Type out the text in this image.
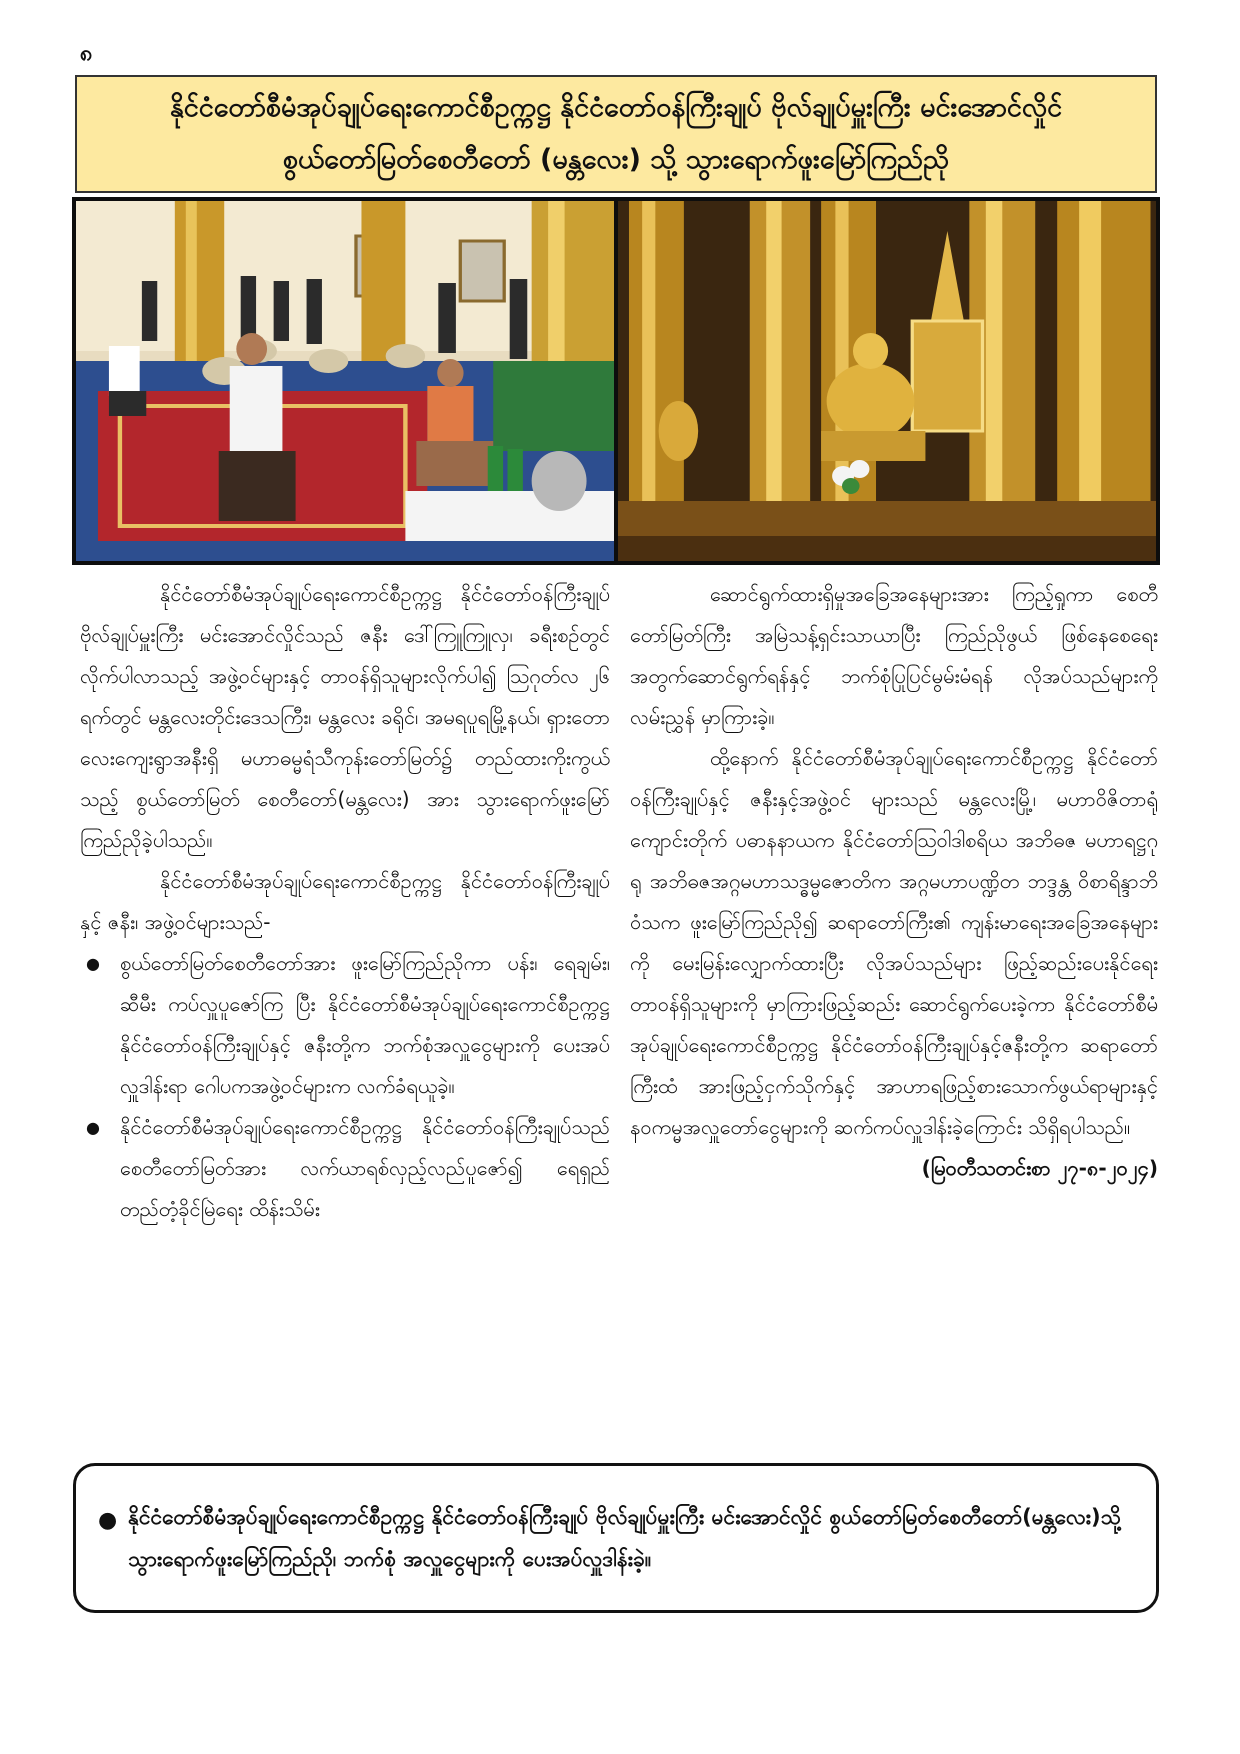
၈
နိုင်ငံတော်စီမံအုပ်ချုပ်ရေးကောင်စီဥက္ကဋ္ဌ နိုင်ငံတော်ဝန်ကြီးချုပ် ဗိုလ်ချုပ်မှူးကြီး မင်းအောင်လှိုင်
စွယ်တော်မြတ်စေတီတော် (မန္တလေး) သို့ သွားရောက်ဖူးမြော်ကြည်ညို

နိုင်ငံတော်စီမံအုပ်ချုပ်ရေးကောင်စီဥက္ကဋ္ဌ နိုင်ငံတော်ဝန်ကြီးချုပ် ဗိုလ်ချုပ်မှူးကြီး မင်းအောင်လှိုင်သည် ဇနီး ဒေါ်ကြူကြူလှ၊ ခရီးစဉ်တွင် လိုက်ပါလာသည့် အဖွဲ့ဝင်များနှင့် တာဝန်ရှိသူများလိုက်ပါ၍ ဩဂုတ်လ ၂၆ ရက်တွင် မန္တလေးတိုင်းဒေသကြီး၊ မန္တလေး ခရိုင်၊ အမရပူရမြို့နယ်၊ ရှားတောလေးကျေးရွာအနီးရှိ မဟာဓမ္မရံသီကုန်းတော်မြတ်၌ တည်ထားကိုးကွယ်သည့် စွယ်တော်မြတ် စေတီတော်(မန္တလေး) အား သွားရောက်ဖူးမြော်ကြည်ညိုခဲ့ပါသည်။

နိုင်ငံတော်စီမံအုပ်ချုပ်ရေးကောင်စီဥက္ကဋ္ဌ နိုင်ငံတော်ဝန်ကြီးချုပ်နှင့် ဇနီး၊ အဖွဲ့ဝင်များသည်-

● စွယ်တော်မြတ်စေတီတော်အား ဖူးမြော်ကြည်ညိုကာ ပန်း၊ ရေချမ်း၊ ဆီမီး ကပ်လှူပူဇော်ကြ ပြီး နိုင်ငံတော်စီမံအုပ်ချုပ်ရေးကောင်စီဥက္ကဋ္ဌ နိုင်ငံတော်ဝန်ကြီးချုပ်နှင့် ဇနီးတို့က ဘက်စုံအလှူငွေများကို ပေးအပ်လှူဒါန်းရာ ဂေါပကအဖွဲ့ဝင်များက လက်ခံရယူခဲ့။
● နိုင်ငံတော်စီမံအုပ်ချုပ်ရေးကောင်စီဥက္ကဋ္ဌ နိုင်ငံတော်ဝန်ကြီးချုပ်သည် စေတီတော်မြတ်အား လက်ယာရစ်လှည့်လည်ပူဇော်၍ ရေရှည်တည်တံ့ခိုင်မြဲရေး ထိန်းသိမ်း

ဆောင်ရွက်ထားရှိမှုအခြေအနေများအား ကြည့်ရှုကာ စေတီတော်မြတ်ကြီး အမြဲသန့်ရှင်းသာယာပြီး ကြည်ညိုဖွယ် ဖြစ်နေစေရေးအတွက်ဆောင်ရွက်ရန်နှင့် ဘက်စုံပြုပြင်မွမ်းမံရန် လိုအပ်သည်များကို လမ်းညွှန် မှာကြားခဲ့။

ထို့နောက် နိုင်ငံတော်စီမံအုပ်ချုပ်ရေးကောင်စီဥက္ကဋ္ဌ နိုင်ငံတော်ဝန်ကြီးချုပ်နှင့် ဇနီးနှင့်အဖွဲ့ဝင် များသည် မန္တလေးမြို့၊ မဟာဝိဇိတာရုံကျောင်းတိုက် ပဓာနနာယက နိုင်ငံတော်သြဝါဒါစရိယ အဘိဓဇ မဟာရဋ္ဌဂုရု အဘိဓဇအဂ္ဂမဟာသဒ္ဓမ္မဇောတိက အဂ္ဂမဟာပဏ္ဍိတ ဘဒ္ဒန္တ ဝိစာရိန္ဒာဘိဝံသက ဖူးမြော်ကြည်ညို၍ ဆရာတော်ကြီး၏ ကျန်းမာရေးအခြေအနေများကို မေးမြန်းလျှောက်ထားပြီး လိုအပ်သည်များ ဖြည့်ဆည်းပေးနိုင်ရေး တာဝန်ရှိသူများကို မှာကြားဖြည့်ဆည်း ဆောင်ရွက်ပေးခဲ့ကာ နိုင်ငံတော်စီမံအုပ်ချုပ်ရေးကောင်စီဥက္ကဋ္ဌ နိုင်ငံတော်ဝန်ကြီးချုပ်နှင့်ဇနီးတို့က ဆရာတော်ကြီးထံ အားဖြည့်ငှက်သိုက်နှင့် အာဟာရဖြည့်စားသောက်ဖွယ်ရာများနှင့် နဝကမ္မအလှူတော်ငွေများကို ဆက်ကပ်လှူဒါန်းခဲ့ကြောင်း သိရှိရပါသည်။

(မြဝတီသတင်းစာ ၂၇-၈-၂၀၂၄)

● နိုင်ငံတော်စီမံအုပ်ချုပ်ရေးကောင်စီဥက္ကဋ္ဌ နိုင်ငံတော်ဝန်ကြီးချုပ် ဗိုလ်ချုပ်မှူးကြီး မင်းအောင်လှိုင် စွယ်တော်မြတ်စေတီတော်(မန္တလေး)သို့ သွားရောက်ဖူးမြော်ကြည်ညို၊ ဘက်စုံ အလှူငွေများကို ပေးအပ်လှူဒါန်းခဲ့။
